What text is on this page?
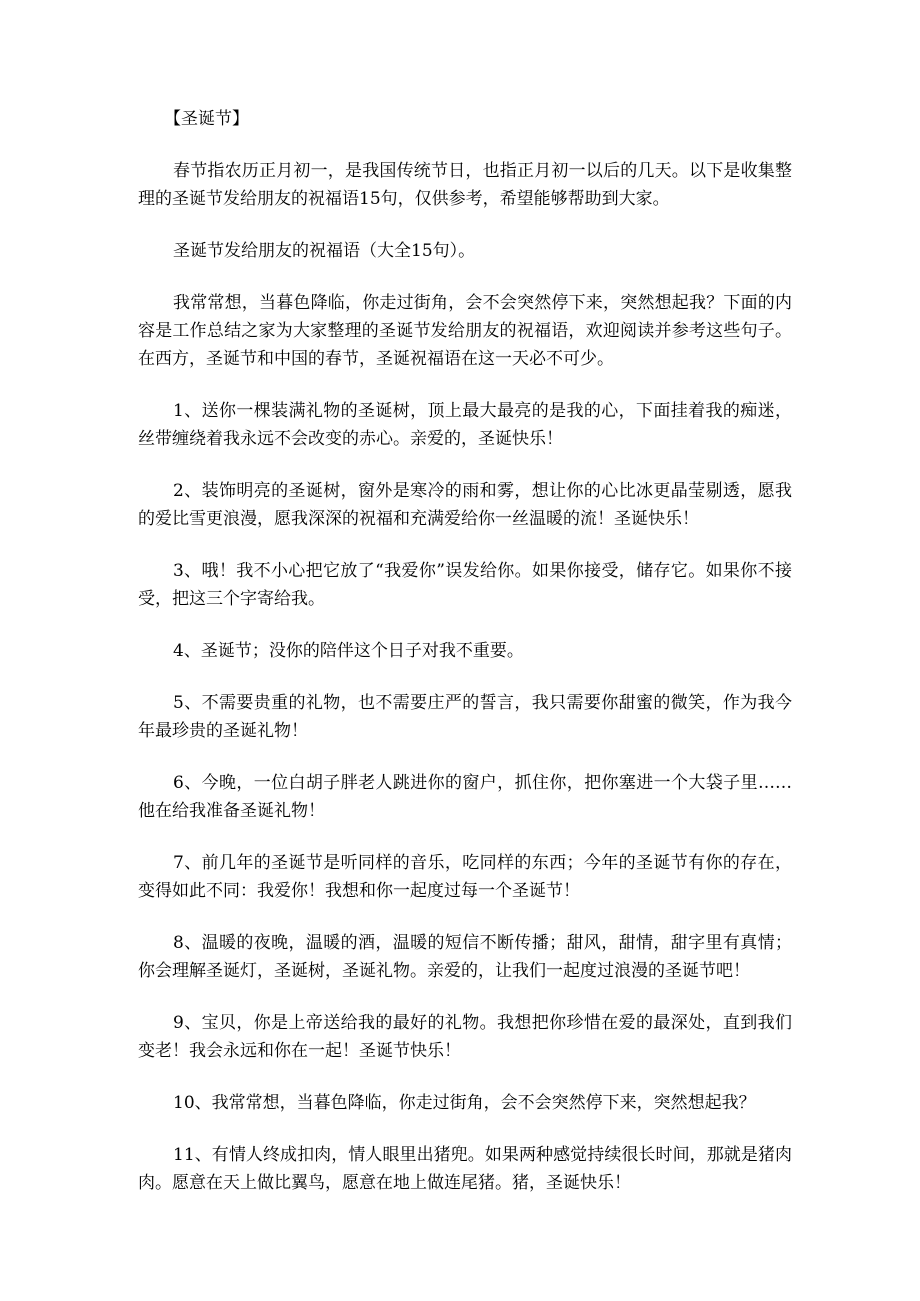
【圣诞节】

春节指农历正月初一，是我国传统节日，也指正月初一以后的几天。以下是收集整理的圣诞节发给朋友的祝福语15句，仅供参考，希望能够帮助到大家。

圣诞节发给朋友的祝福语（大全15句）。

我常常想，当暮色降临，你走过街角，会不会突然停下来，突然想起我？下面的内容是工作总结之家为大家整理的圣诞节发给朋友的祝福语，欢迎阅读并参考这些句子。在西方，圣诞节和中国的春节，圣诞祝福语在这一天必不可少。

1、送你一棵装满礼物的圣诞树，顶上最大最亮的是我的心，下面挂着我的痴迷，丝带缠绕着我永远不会改变的赤心。亲爱的，圣诞快乐！

2、装饰明亮的圣诞树，窗外是寒冷的雨和雾，想让你的心比冰更晶莹剔透，愿我的爱比雪更浪漫，愿我深深的祝福和充满爱给你一丝温暖的流！圣诞快乐！

3、哦！我不小心把它放了“我爱你”误发给你。如果你接受，储存它。如果你不接受，把这三个字寄给我。

4、圣诞节；没你的陪伴这个日子对我不重要。

5、不需要贵重的礼物，也不需要庄严的誓言，我只需要你甜蜜的微笑，作为我今年最珍贵的圣诞礼物！

6、今晚，一位白胡子胖老人跳进你的窗户，抓住你，把你塞进一个大袋子里……他在给我准备圣诞礼物！

7、前几年的圣诞节是听同样的音乐，吃同样的东西；今年的圣诞节有你的存在，变得如此不同：我爱你！我想和你一起度过每一个圣诞节！

8、温暖的夜晚，温暖的酒，温暖的短信不断传播；甜风，甜情，甜字里有真情；你会理解圣诞灯，圣诞树，圣诞礼物。亲爱的，让我们一起度过浪漫的圣诞节吧！

9、宝贝，你是上帝送给我的最好的礼物。我想把你珍惜在爱的最深处，直到我们变老！我会永远和你在一起！圣诞节快乐！

10、我常常想，当暮色降临，你走过街角，会不会突然停下来，突然想起我？

11、有情人终成扣肉，情人眼里出猪兜。如果两种感觉持续很长时间，那就是猪肉肉。愿意在天上做比翼鸟，愿意在地上做连尾猪。猪，圣诞快乐！
